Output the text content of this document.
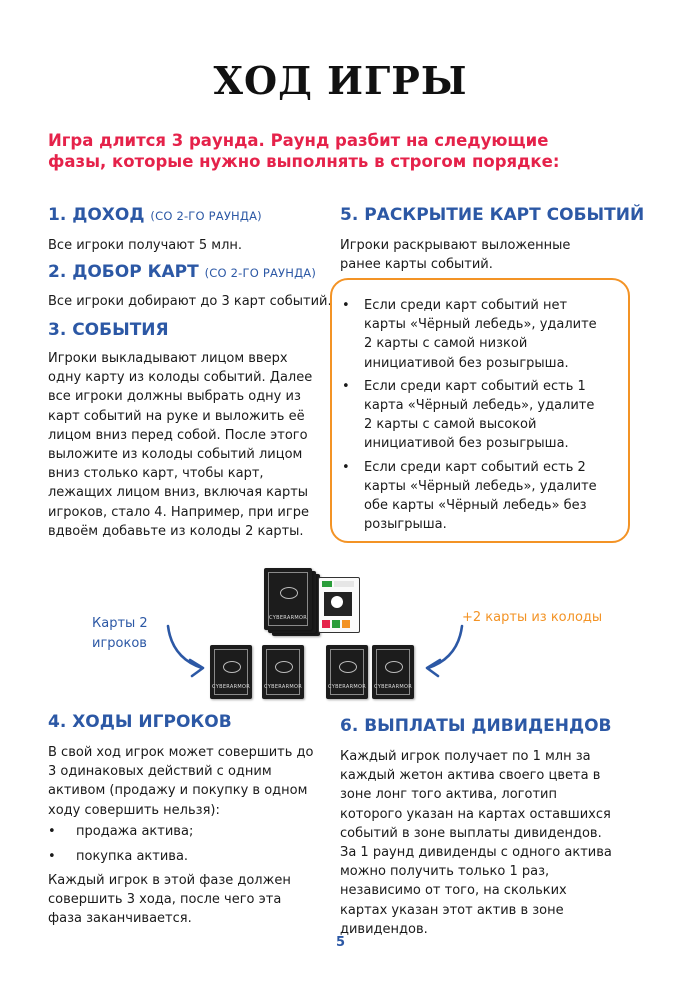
ХОД ИГРЫ
Игра длится 3 раунда. Раунд разбит на следующие фазы, которые нужно выполнять в строгом порядке:
1. ДОХОД (СО 2-ГО РАУНДА)
Все игроки получают 5 млн.
2. ДОБОР КАРТ (СО 2-ГО РАУНДА)
Все игроки добирают до 3 карт событий.
3. СОБЫТИЯ
Игроки выкладывают лицом вверх одну карту из колоды событий. Далее все игроки должны выбрать одну из карт событий на руке и выложить её лицом вниз перед собой. После этого выложите из колоды событий лицом вниз столько карт, чтобы карт, лежащих лицом вниз, включая карты игроков, стало 4. Например, при игре вдвоём добавьте из колоды 2 карты.
5. РАСКРЫТИЕ КАРТ СОБЫТИЙ
Игроки раскрывают выложенные ранее карты событий.
• Если среди карт событий нет карты «Чёрный лебедь», удалите 2 карты с самой низкой инициативой без розыгрыша.
• Если среди карт событий есть 1 карта «Чёрный лебедь», удалите 2 карты с самой высокой инициативой без розыгрыша.
• Если среди карт событий есть 2 карты «Чёрный лебедь», удалите обе карты «Чёрный лебедь» без розыгрыша.
CYBERARMOR
CYBERARMOR	CYBERARMOR	CYBERARMOR	CYBERARMOR
Карты 2 игроков
+2 карты из колоды
4. ХОДЫ ИГРОКОВ
В свой ход игрок может совершить до 3 одинаковых действий с одним активом (продажу и покупку в одном ходу совершить нельзя):
• продажа актива;
• покупка актива.
Каждый игрок в этой фазе должен совершить 3 хода, после чего эта фаза заканчивается.
6. ВЫПЛАТЫ ДИВИДЕНДОВ
Каждый игрок получает по 1 млн за каждый жетон актива своего цвета в зоне лонг того актива, логотип которого указан на картах оставшихся событий в зоне выплаты дивидендов. За 1 раунд дивиденды с одного актива можно получить только 1 раз, независимо от того, на скольких картах указан этот актив в зоне дивидендов.
5
